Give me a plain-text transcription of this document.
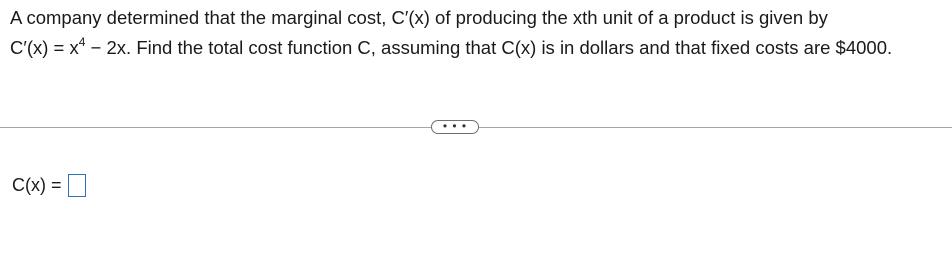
A company determined that the marginal cost, C′(x) of producing the xth unit of a product is given by

$C'(x) = x^4 - 2x$. Find the total cost function C, assuming that C(x) is in dollars and that fixed costs are $4000.

• • •
C(x) =
